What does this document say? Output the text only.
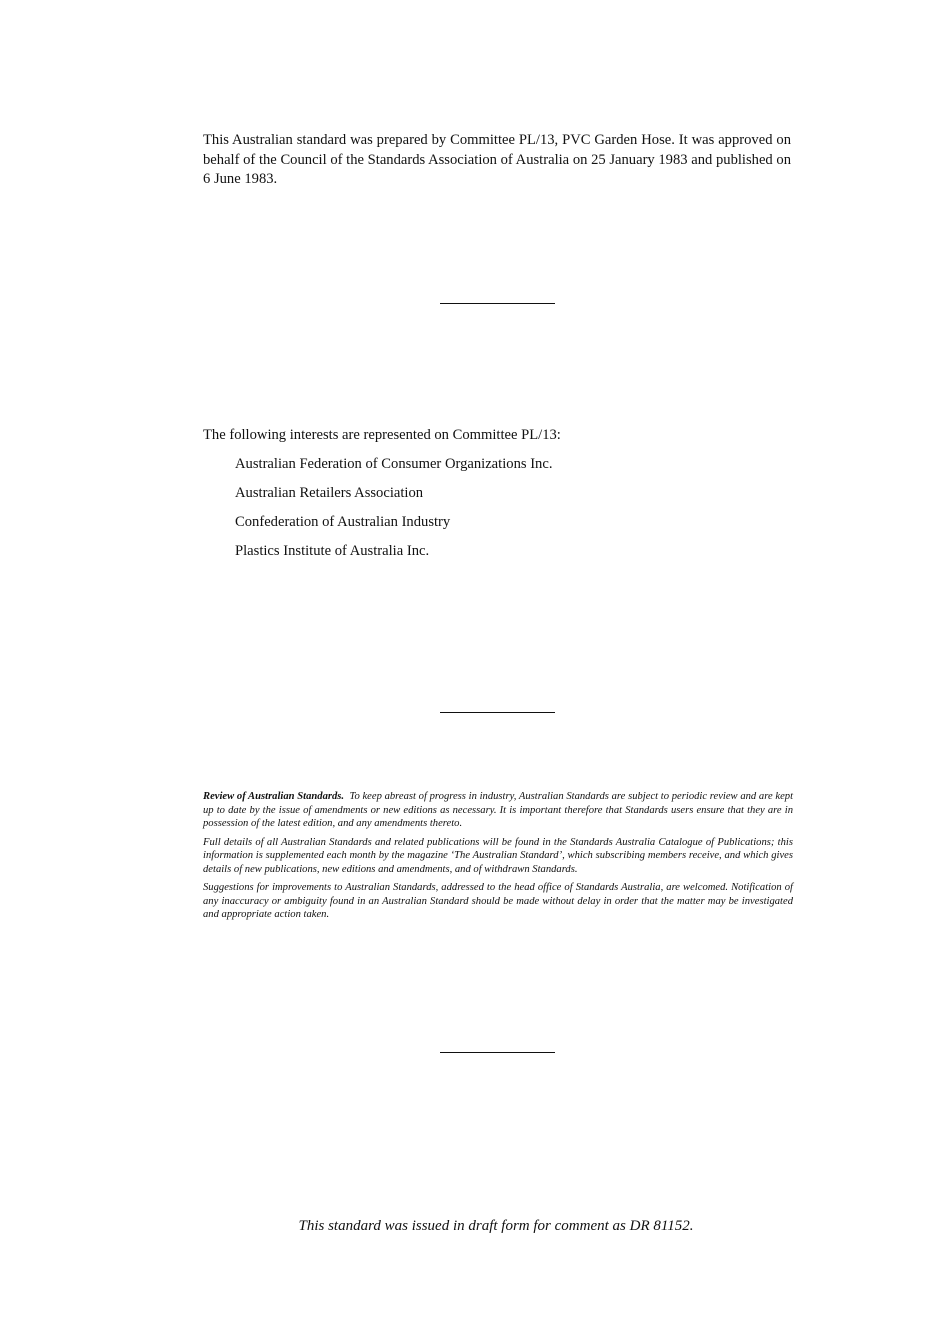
This Australian standard was prepared by Committee PL/13, PVC Garden Hose. It was approved on behalf of the Council of the Standards Association of Australia on 25 January 1983 and published on 6 June 1983.

The following interests are represented on Committee PL/13:

Australian Federation of Consumer Organizations Inc.
Australian Retailers Association
Confederation of Australian Industry
Plastics Institute of Australia Inc.

Review of Australian Standards. To keep abreast of progress in industry, Australian Standards are subject to periodic review and are kept up to date by the issue of amendments or new editions as necessary. It is important therefore that Standards users ensure that they are in possession of the latest edition, and any amendments thereto.

Full details of all Australian Standards and related publications will be found in the Standards Australia Catalogue of Publications; this information is supplemented each month by the magazine ‘The Australian Standard’, which subscribing members receive, and which gives details of new publications, new editions and amendments, and of withdrawn Standards.

Suggestions for improvements to Australian Standards, addressed to the head office of Standards Australia, are welcomed. Notification of any inaccuracy or ambiguity found in an Australian Standard should be made without delay in order that the matter may be investigated and appropriate action taken.

This standard was issued in draft form for comment as DR 81152.
